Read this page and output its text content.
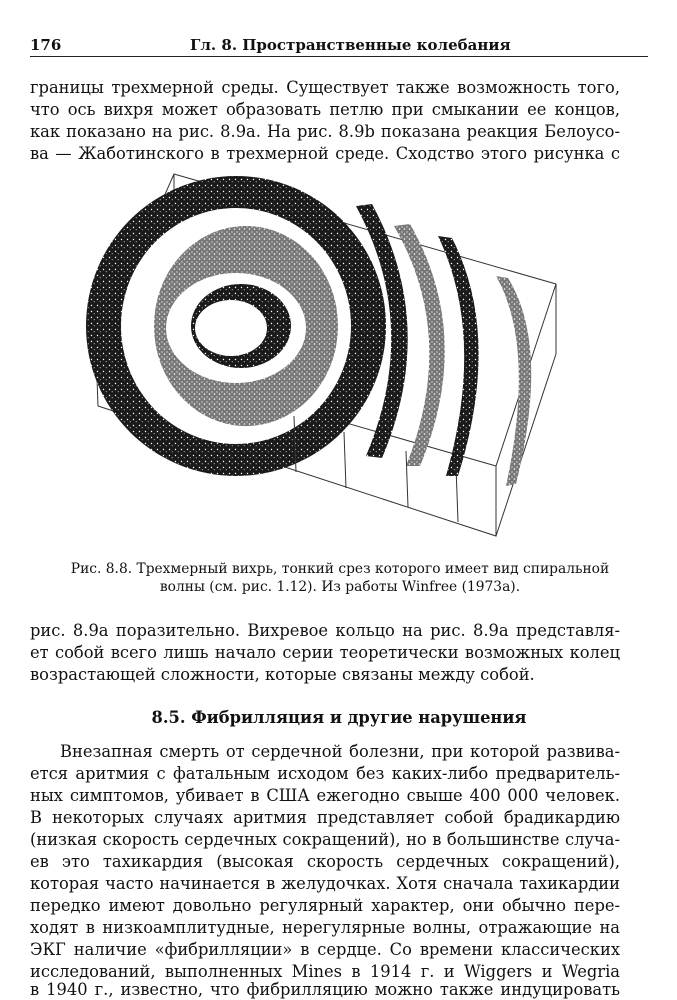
176	Гл. 8. Пространственные колебания
границы трехмерной среды. Существует также возможность того,
что ось вихря может образовать петлю при смыкании ее концов,
как показано на рис. 8.9a. На рис. 8.9b показана реакция Белоусо-
ва — Жаботинского в трехмерной среде. Сходство этого рисунка с
Рис. 8.8. Трехмерный вихрь, тонкий срез которого имеет вид спиральной
волны (см. рис. 1.12). Из работы Winfree (1973a).
рис. 8.9a поразительно. Вихревое кольцо на рис. 8.9a представля-
ет собой всего лишь начало серии теоретически возможных колец
возрастающей сложности, которые связаны между собой.
8.5. Фибрилляция и другие нарушения
Внезапная смерть от сердечной болезни, при которой развива-
ется аритмия с фатальным исходом без каких-либо предваритель-
ных симптомов, убивает в США ежегодно свыше 400 000 человек.
В некоторых случаях аритмия представляет собой брадикардию
(низкая скорость сердечных сокращений), но в большинстве случа-
ев это тахикардия (высокая скорость сердечных сокращений),
которая часто начинается в желудочках. Хотя сначала тахикардии
передко имеют довольно регулярный характер, они обычно пере-
ходят в низкоамплитудные, нерегулярные волны, отражающие на
ЭКГ наличие «фибрилляции» в сердце. Со времени классических
исследований, выполненных Mines в 1914 г. и Wiggers и Wegria
в 1940 г., известно, что фибрилляцию можно также индуцировать
